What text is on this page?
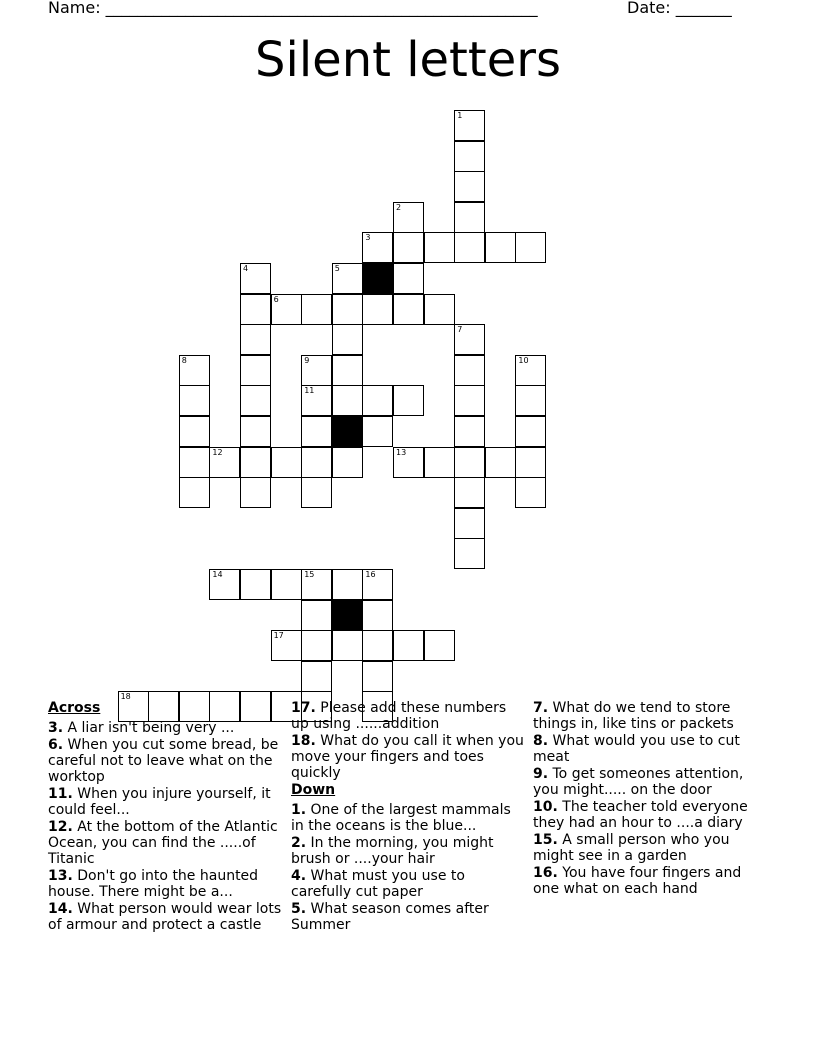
Name: ______________________________________________________	Date: _______
Silent letters
1
2
3
4	5
6
7
8	9	10
11
12	13
14	15	16
17
18
Across
3. A liar isn't being very ...
6. When you cut some bread, be careful not to leave what on the worktop
11. When you injure yourself, it could feel...
12. At the bottom of the Atlantic Ocean, you can find the .....of Titanic
13. Don't go into the haunted house. There might be a...
14. What person would wear lots of armour and protect a castle
17. Please add these numbers up using ......addition
18. What do you call it when you move your fingers and toes quickly
Down
1. One of the largest mammals in the oceans is the blue...
2. In the morning, you might brush or ....your hair
4. What must you use to carefully cut paper
5. What season comes after Summer
7. What do we tend to store things in, like tins or packets
8. What would you use to cut meat
9. To get someones attention, you might..... on the door
10. The teacher told everyone they had an hour to ....a diary
15. A small person who you might see in a garden
16. You have four fingers and one what on each hand
